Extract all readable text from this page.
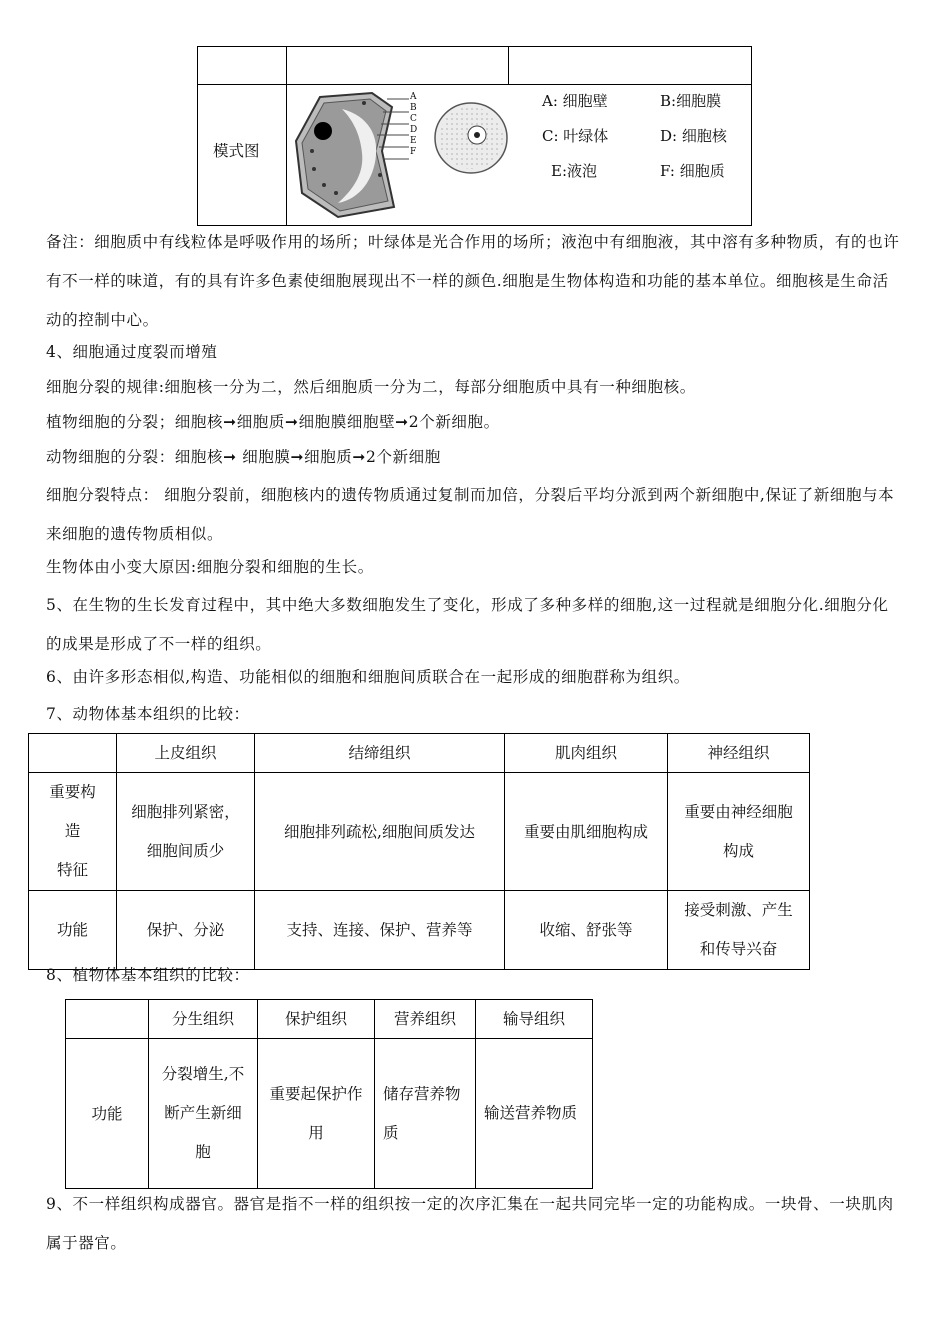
模式图
A
B
C
D
E
F
A: 细胞壁	B:细胞膜
C: 叶绿体	D: 细胞核
E:液泡	F: 细胞质
备注：细胞质中有线粒体是呼吸作用的场所；叶绿体是光合作用的场所；液泡中有细胞液，其中溶有多种物质，有的也许有不一样的味道，有的具有许多色素使细胞展现出不一样的颜色.细胞是生物体构造和功能的基本单位。细胞核是生命活动的控制中心。
4、细胞通过度裂而增殖
细胞分裂的规律:细胞核一分为二，然后细胞质一分为二，每部分细胞质中具有一种细胞核。
植物细胞的分裂；细胞核➞细胞质➞细胞膜细胞壁➞2个新细胞。
动物细胞的分裂：细胞核➞ 细胞膜➞细胞质➞2个新细胞
细胞分裂特点： 细胞分裂前，细胞核内的遗传物质通过复制而加倍，分裂后平均分派到两个新细胞中,保证了新细胞与本来细胞的遗传物质相似。
生物体由小变大原因:细胞分裂和细胞的生长。
5、在生物的生长发育过程中，其中绝大多数细胞发生了变化，形成了多种多样的细胞,这一过程就是细胞分化.细胞分化的成果是形成了不一样的组织。
6、由许多形态相似,构造、功能相似的细胞和细胞间质联合在一起形成的细胞群称为组织。
7、动物体基本组织的比较：
	上皮组织	结缔组织	肌肉组织	神经组织

重要构
造
特征	细胞排列紧密，细胞间质少	细胞排列疏松,细胞间质发达	重要由肌细胞构成	重要由神经细胞构成
功能	保护、分泌	支持、连接、保护、营养等	收缩、舒张等	接受刺激、产生和传导兴奋
8、植物体基本组织的比较：
	分生组织	保护组织	营养组织	输导组织
功能	分裂增生,不断产生新细胞	重要起保护作用	储存营养物质	输送营养物质
9、不一样组织构成器官。器官是指不一样的组织按一定的次序汇集在一起共同完毕一定的功能构成。一块骨、一块肌肉属于器官。
